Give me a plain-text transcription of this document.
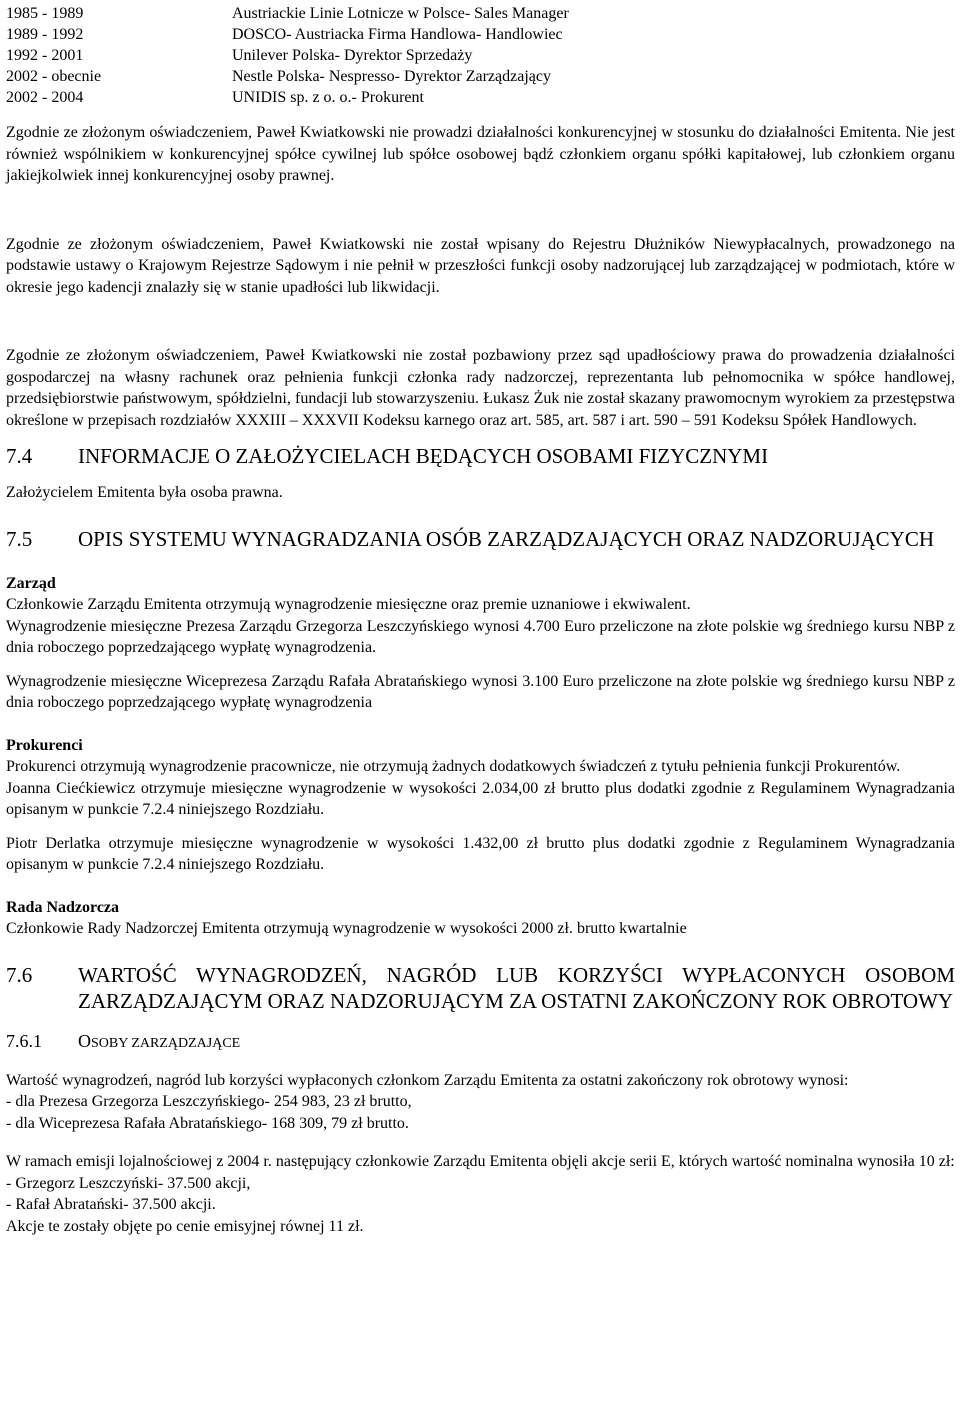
1985 - 1989	Austriackie Linie Lotnicze w Polsce- Sales Manager
1989 - 1992	DOSCO- Austriacka Firma Handlowa- Handlowiec
1992 - 2001	Unilever Polska- Dyrektor Sprzedaży
2002 - obecnie	Nestle Polska- Nespresso- Dyrektor Zarządzający
2002 - 2004	UNIDIS sp. z o. o.- Prokurent

Zgodnie ze złożonym oświadczeniem, Paweł Kwiatkowski nie prowadzi działalności konkurencyjnej w stosunku do działalności Emitenta. Nie jest również wspólnikiem w konkurencyjnej spółce cywilnej lub spółce osobowej bądź członkiem organu spółki kapitałowej, lub członkiem organu jakiejkolwiek innej konkurencyjnej osoby prawnej.

Zgodnie ze złożonym oświadczeniem, Paweł Kwiatkowski nie został wpisany do Rejestru Dłużników Niewypłacalnych, prowadzonego na podstawie ustawy o Krajowym Rejestrze Sądowym i nie pełnił w przeszłości funkcji osoby nadzorującej lub zarządzającej w podmiotach, które w okresie jego kadencji znalazły się w stanie upadłości lub likwidacji.

Zgodnie ze złożonym oświadczeniem, Paweł Kwiatkowski nie został pozbawiony przez sąd upadłościowy prawa do prowadzenia działalności gospodarczej na własny rachunek oraz pełnienia funkcji członka rady nadzorczej, reprezentanta lub pełnomocnika w spółce handlowej, przedsiębiorstwie państwowym, spółdzielni, fundacji lub stowarzyszeniu. Łukasz Żuk nie został skazany prawomocnym wyrokiem za przestępstwa określone w przepisach rozdziałów XXXIII – XXXVII Kodeksu karnego oraz art. 585, art. 587 i art. 590 – 591 Kodeksu Spółek Handlowych.

7.4	INFORMACJE O ZAŁOŻYCIELACH BĘDĄCYCH OSOBAMI FIZYCZNYMI

Założycielem Emitenta była osoba prawna.

7.5	OPIS SYSTEMU WYNAGRADZANIA OSÓB ZARZĄDZAJĄCYCH ORAZ NADZORUJĄCYCH

Zarząd

Członkowie Zarządu Emitenta otrzymują wynagrodzenie miesięczne oraz premie uznaniowe i ekwiwalent.

Wynagrodzenie miesięczne Prezesa Zarządu Grzegorza Leszczyńskiego wynosi 4.700 Euro przeliczone na złote polskie wg średniego kursu NBP z dnia roboczego poprzedzającego wypłatę wynagrodzenia.

Wynagrodzenie miesięczne Wiceprezesa Zarządu Rafała Abratańskiego wynosi 3.100 Euro przeliczone na złote polskie wg średniego kursu NBP z dnia roboczego poprzedzającego wypłatę wynagrodzenia

Prokurenci

Prokurenci otrzymują wynagrodzenie pracownicze, nie otrzymują żadnych dodatkowych świadczeń z tytułu pełnienia funkcji Prokurentów.

Joanna Ciećkiewicz otrzymuje miesięczne wynagrodzenie w wysokości 2.034,00 zł brutto plus dodatki zgodnie z Regulaminem Wynagradzania opisanym w punkcie 7.2.4 niniejszego Rozdziału.

Piotr Derlatka otrzymuje miesięczne wynagrodzenie w wysokości 1.432,00 zł brutto plus dodatki zgodnie z Regulaminem Wynagradzania opisanym w punkcie 7.2.4 niniejszego Rozdziału.

Rada Nadzorcza

Członkowie Rady Nadzorczej Emitenta otrzymują wynagrodzenie w wysokości 2000 zł. brutto kwartalnie

7.6	WARTOŚĆ WYNAGRODZEŃ, NAGRÓD LUB KORZYŚCI WYPŁACONYCH OSOBOM ZARZĄDZAJĄCYM ORAZ NADZORUJĄCYM ZA OSTATNI ZAKOŃCZONY ROK OBROTOWY
7.6.1	OSOBY ZARZĄDZAJĄCE

Wartość wynagrodzeń, nagród lub korzyści wypłaconych członkom Zarządu Emitenta za ostatni zakończony rok obrotowy wynosi:

- dla Prezesa Grzegorza Leszczyńskiego- 254 983, 23 zł brutto,
- dla Wiceprezesa Rafała Abratańskiego- 168 309, 79 zł brutto.

W ramach emisji lojalnościowej z 2004 r. następujący członkowie Zarządu Emitenta objęli akcje serii E, których wartość nominalna wynosiła 10 zł:

- Grzegorz Leszczyński- 37.500 akcji,
- Rafał Abratański- 37.500 akcji.
Akcje te zostały objęte po cenie emisyjnej równej 11 zł.
